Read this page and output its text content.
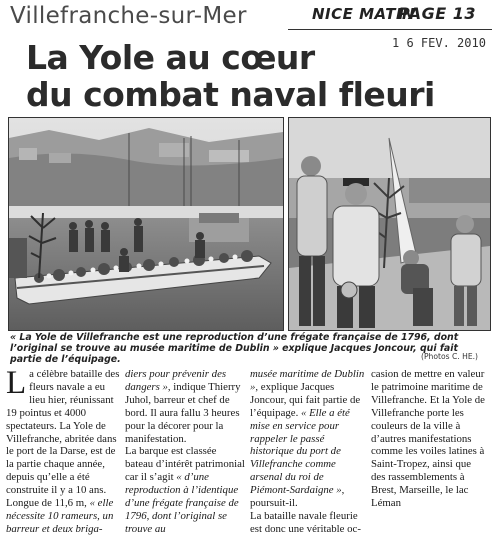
Villefranche-sur-Mer	NICE MATIN
PAGE 13
1 6 FEV. 2010
La Yole au cœur
du combat naval fleuri
« La Yole de Villefranche est une reproduction d’une frégate française de 1796, dont l’original se trouve au musée maritime de Dublin » explique Jacques Joncour, qui fait partie de l’équipage.	(Photos C. HE.)

La célèbre bataille des fleurs navale a eu lieu hier, réunissant 19 pointus et 4000 spectateurs. La Yole de Villefranche, abritée dans le port de la Darse, est de la partie chaque année, depuis qu’elle a été construite il y a 10 ans. Longue de 11,6 m, « elle nécessite 10 rameurs, un barreur et deux briga-

diers pour prévenir des dangers », indique Thierry Juhol, barreur et chef de bord. Il aura fallu 3 heures pour la décorer pour la manifestation.

La barque est classée bateau d’intérêt patrimonial car il s’agit « d’une reproduction à l’identique d’une frégate française de 1796, dont l’original se trouve au

musée maritime de Dublin », explique Jacques Joncour, qui fait partie de l’équipage. « Elle a été mise en service pour rappeler le passé historique du port de Villefranche comme arsenal du roi de Piémont-Sardaigne », poursuit-il.

La bataille navale fleurie est donc une véritable oc-

casion de mettre en valeur le patrimoine maritime de Villefranche. Et la Yole de Villefranche porte les couleurs de la ville à d’autres manifestations comme les voiles latines à Saint-Tropez, ainsi que des rassemblements à Brest, Marseille, le lac Léman
